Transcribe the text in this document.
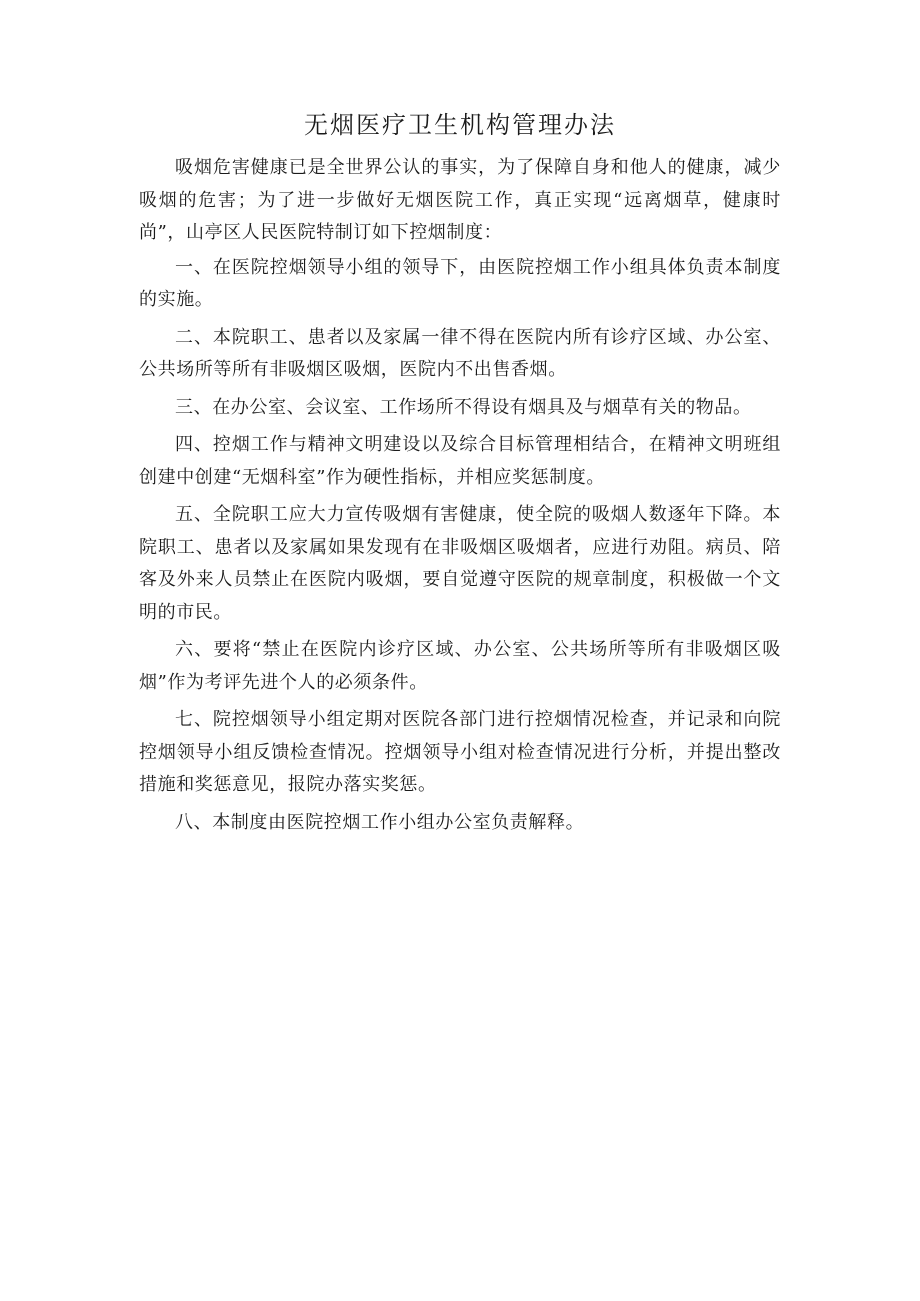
无烟医疗卫生机构管理办法

吸烟危害健康已是全世界公认的事实，为了保障自身和他人的健康，减少吸烟的危害；为了进一步做好无烟医院工作，真正实现“远离烟草，健康时尚”，山亭区人民医院特制订如下控烟制度：

一、在医院控烟领导小组的领导下，由医院控烟工作小组具体负责本制度的实施。

二、本院职工、患者以及家属一律不得在医院内所有诊疗区域、办公室、公共场所等所有非吸烟区吸烟，医院内不出售香烟。

三、在办公室、会议室、工作场所不得设有烟具及与烟草有关的物品。

四、控烟工作与精神文明建设以及综合目标管理相结合，在精神文明班组创建中创建“无烟科室”作为硬性指标，并相应奖惩制度。

五、全院职工应大力宣传吸烟有害健康，使全院的吸烟人数逐年下降。本院职工、患者以及家属如果发现有在非吸烟区吸烟者，应进行劝阻。病员、陪客及外来人员禁止在医院内吸烟，要自觉遵守医院的规章制度，积极做一个文明的市民。

六、要将“禁止在医院内诊疗区域、办公室、公共场所等所有非吸烟区吸烟”作为考评先进个人的必须条件。

七、院控烟领导小组定期对医院各部门进行控烟情况检查，并记录和向院控烟领导小组反馈检查情况。控烟领导小组对检查情况进行分析，并提出整改措施和奖惩意见，报院办落实奖惩。

八、本制度由医院控烟工作小组办公室负责解释。
